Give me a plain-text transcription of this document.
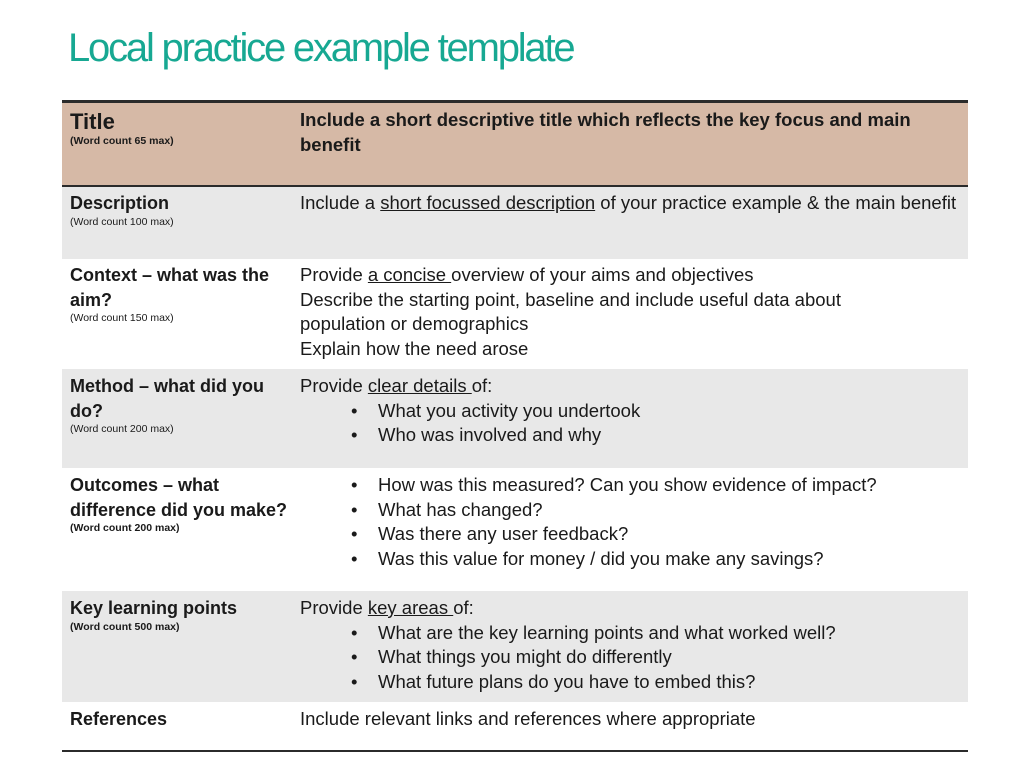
Local practice example template
Title
(Word count 65 max)
Include a short descriptive title which reflects the key focus and main benefit
Description
(Word count 100 max)
Include a short focussed description of your practice example & the main benefit
Context – what was the aim?
(Word count 150 max)
Provide a concise overview of your aims and objectives
Describe the starting point, baseline and include useful data about population or demographics
Explain how the need arose
Method – what did you do?
(Word count 200 max)
Provide clear details of:
• What you activity you undertook
• Who was involved and why
Outcomes – what difference did you make?
(Word count 200 max)
• How was this measured? Can you show evidence of impact?
• What has changed?
• Was there any user feedback?
• Was this value for money / did you make any savings?
Key learning points
(Word count 500 max)
Provide key areas of:
• What are the key learning points and what worked well?
• What things you might do differently
• What future plans do you have to embed this?
References	Include relevant links and references where appropriate
